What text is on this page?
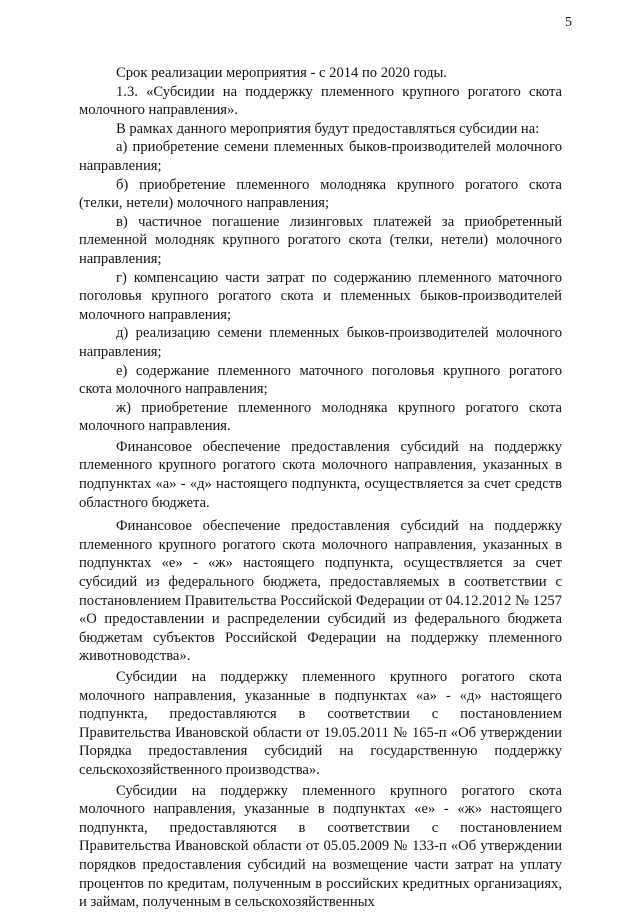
5

Срок реализации мероприятия - с 2014 по 2020 годы.

1.3. «Субсидии на поддержку племенного крупного рогатого скота молочного направления».

В рамках данного мероприятия будут предоставляться субсидии на:

а) приобретение семени племенных быков-производителей молочного направления;

б) приобретение племенного молодняка крупного рогатого скота (телки, нетели) молочного направления;

в) частичное погашение лизинговых платежей за приобретенный племенной молодняк крупного рогатого скота (телки, нетели) молочного направления;

г) компенсацию части затрат по содержанию племенного маточного поголовья крупного рогатого скота и племенных быков-производителей молочного направления;

д) реализацию семени племенных быков-производителей молочного направления;

е) содержание племенного маточного поголовья крупного рогатого скота молочного направления;

ж) приобретение племенного молодняка крупного рогатого скота молочного направления.

Финансовое обеспечение предоставления субсидий на поддержку племенного крупного рогатого скота молочного направления, указанных в подпунктах «а» - «д» настоящего подпункта, осуществляется за счет средств областного бюджета.

Финансовое обеспечение предоставления субсидий на поддержку племенного крупного рогатого скота молочного направления, указанных в подпунктах «е» - «ж» настоящего подпункта, осуществляется за счет субсидий из федерального бюджета, предоставляемых в соответствии с постановлением Правительства Российской Федерации от 04.12.2012 № 1257 «О предоставлении и распределении субсидий из федерального бюджета бюджетам субъектов Российской Федерации на поддержку племенного животноводства».

Субсидии на поддержку племенного крупного рогатого скота молочного направления, указанные в подпунктах «а» - «д» настоящего подпункта, предоставляются в соответствии с постановлением Правительства Ивановской области от 19.05.2011 № 165-п «Об утверждении Порядка предоставления субсидий на государственную поддержку сельскохозяйственного производства».

Субсидии на поддержку племенного крупного рогатого скота молочного направления, указанные в подпунктах «е» - «ж» настоящего подпункта, предоставляются в соответствии с постановлением Правительства Ивановской области от 05.05.2009 № 133-п «Об утверждении порядков предоставления субсидий на возмещение части затрат на уплату процентов по кредитам, полученным в российских кредитных организациях, и займам, полученным в сельскохозяйственных
